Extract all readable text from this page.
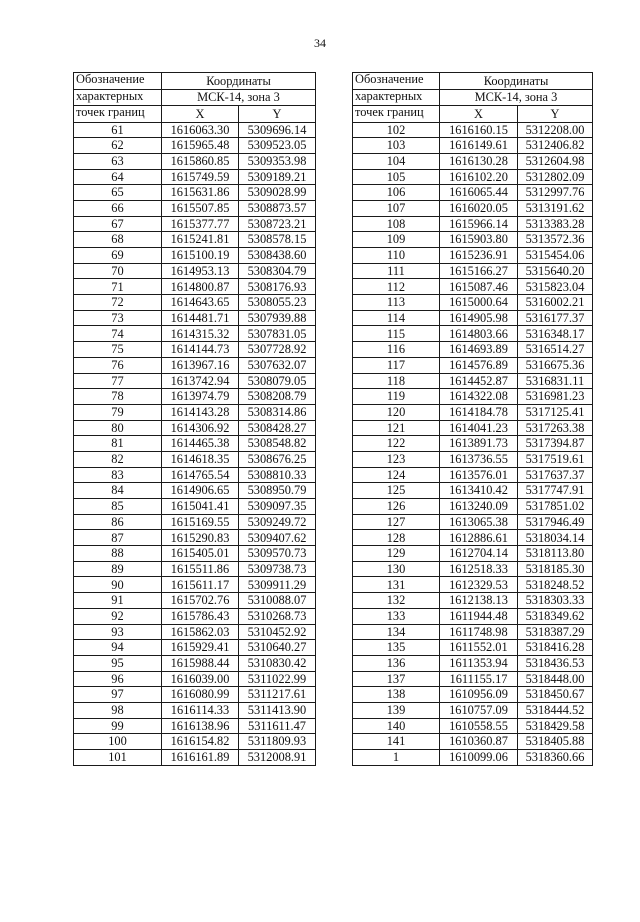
34
Обозначение	Координаты	
характерных	МСК-14, зона 3	
точек границ	X	Y
61	1616063.30	5309696.14
62	1615965.48	5309523.05
63	1615860.85	5309353.98
64	1615749.59	5309189.21
65	1615631.86	5309028.99
66	1615507.85	5308873.57
67	1615377.77	5308723.21
68	1615241.81	5308578.15
69	1615100.19	5308438.60
70	1614953.13	5308304.79
71	1614800.87	5308176.93
72	1614643.65	5308055.23
73	1614481.71	5307939.88
74	1614315.32	5307831.05
75	1614144.73	5307728.92
76	1613967.16	5307632.07
77	1613742.94	5308079.05
78	1613974.79	5308208.79
79	1614143.28	5308314.86
80	1614306.92	5308428.27
81	1614465.38	5308548.82
82	1614618.35	5308676.25
83	1614765.54	5308810.33
84	1614906.65	5308950.79
85	1615041.41	5309097.35
86	1615169.55	5309249.72
87	1615290.83	5309407.62
88	1615405.01	5309570.73
89	1615511.86	5309738.73
90	1615611.17	5309911.29
91	1615702.76	5310088.07
92	1615786.43	5310268.73
93	1615862.03	5310452.92
94	1615929.41	5310640.27
95	1615988.44	5310830.42
96	1616039.00	5311022.99
97	1616080.99	5311217.61
98	1616114.33	5311413.90
99	1616138.96	5311611.47
100	1616154.82	5311809.93
101	1616161.89	5312008.91
Обозначение	Координаты	
характерных	МСК-14, зона 3	
точек границ	X	Y
102	1616160.15	5312208.00
103	1616149.61	5312406.82
104	1616130.28	5312604.98
105	1616102.20	5312802.09
106	1616065.44	5312997.76
107	1616020.05	5313191.62
108	1615966.14	5313383.28
109	1615903.80	5313572.36
110	1615236.91	5315454.06
111	1615166.27	5315640.20
112	1615087.46	5315823.04
113	1615000.64	5316002.21
114	1614905.98	5316177.37
115	1614803.66	5316348.17
116	1614693.89	5316514.27
117	1614576.89	5316675.36
118	1614452.87	5316831.11
119	1614322.08	5316981.23
120	1614184.78	5317125.41
121	1614041.23	5317263.38
122	1613891.73	5317394.87
123	1613736.55	5317519.61
124	1613576.01	5317637.37
125	1613410.42	5317747.91
126	1613240.09	5317851.02
127	1613065.38	5317946.49
128	1612886.61	5318034.14
129	1612704.14	5318113.80
130	1612518.33	5318185.30
131	1612329.53	5318248.52
132	1612138.13	5318303.33
133	1611944.48	5318349.62
134	1611748.98	5318387.29
135	1611552.01	5318416.28
136	1611353.94	5318436.53
137	1611155.17	5318448.00
138	1610956.09	5318450.67
139	1610757.09	5318444.52
140	1610558.55	5318429.58
141	1610360.87	5318405.88
1	1610099.06	5318360.66
